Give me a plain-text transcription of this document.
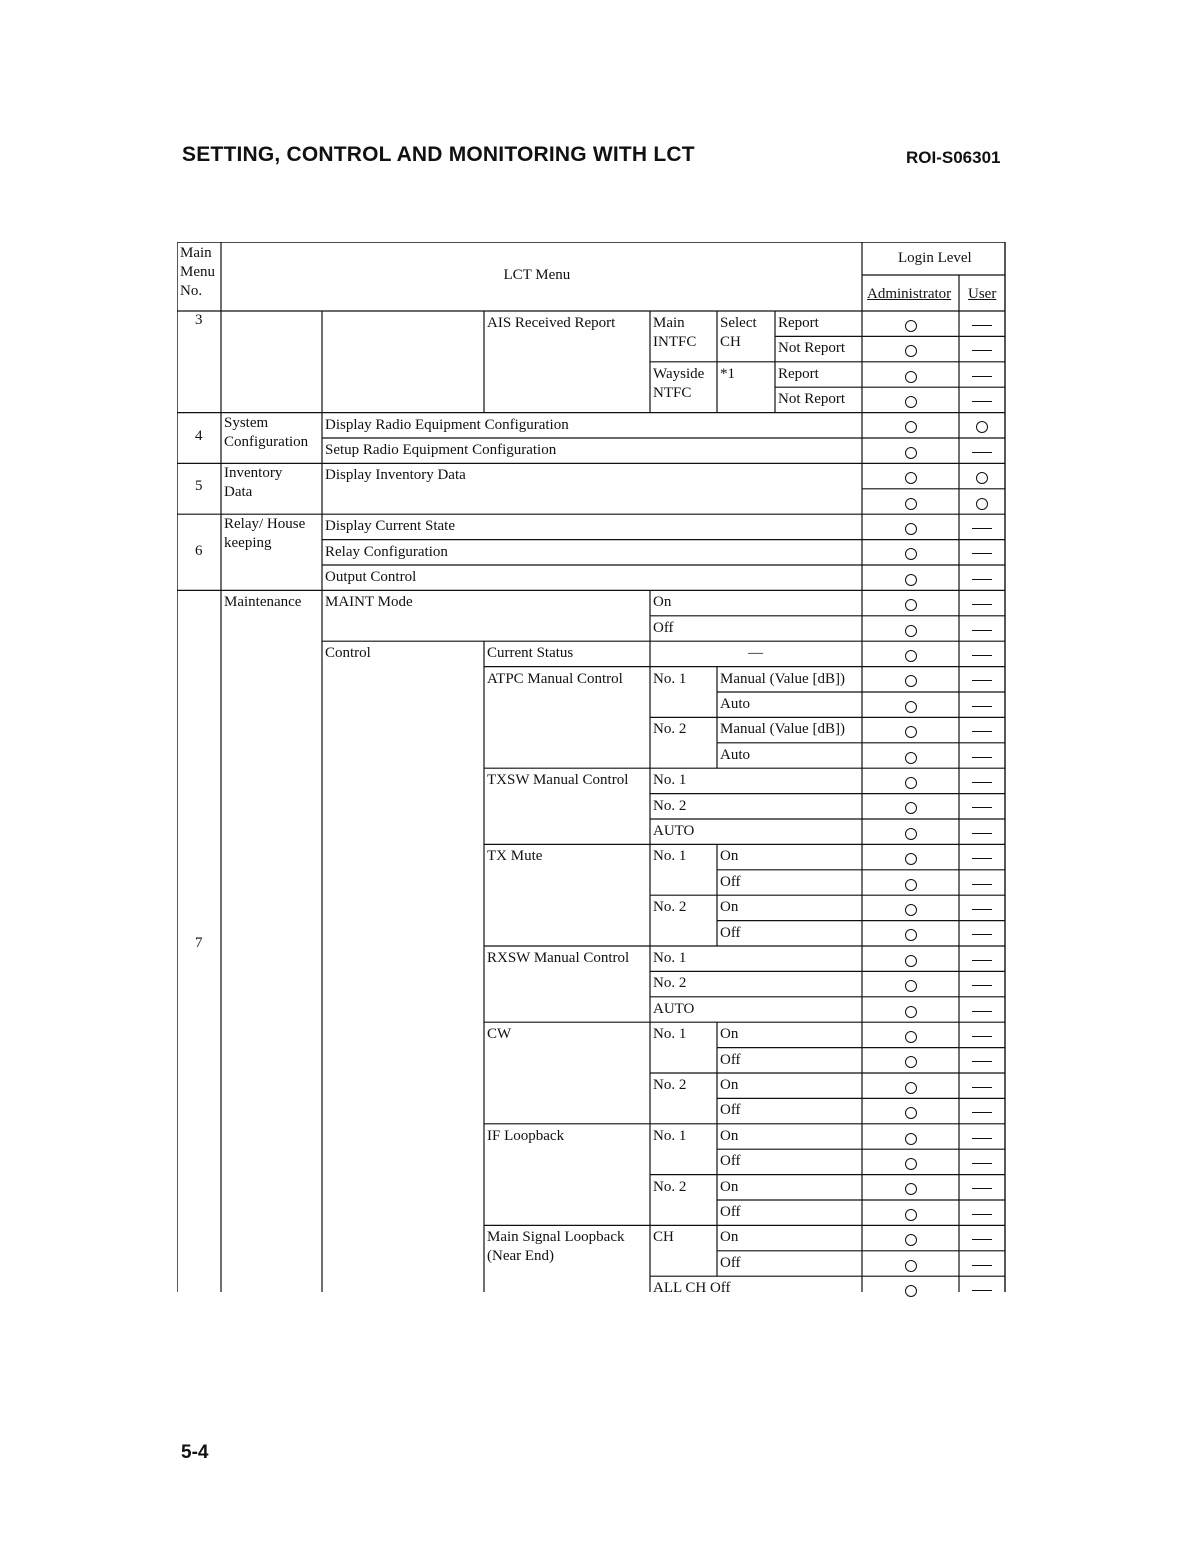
SETTING, CONTROL AND MONITORING WITH LCT	ROI-S06301
Main
Menu
No.
LCT Menu
Login Level
Administrator User
3
4
5
6
7
System
Configuration
Inventory
Data
Relay/ House
keeping
Maintenance
Display Radio Equipment Configuration
Setup Radio Equipment Configuration
Display Inventory Data
Display Current State
Relay Configuration
Output Control
MAINT Mode
Control
AIS Received Report
Current Status
ATPC Manual Control
TXSW Manual Control
TX Mute
RXSW Manual Control
CW
IF Loopback
Main Signal Loopback
(Near End)
Main
INTFC
Wayside
NTFC
On
Off
—
No. 1
No. 2
No. 1
No. 2
AUTO
No. 1
No. 2
No. 1
No. 2
AUTO
No. 1
No. 2
No. 1
No. 2
CH
ALL CH Off
Select
CH
*1
Manual (Value [dB])
Auto
Manual (Value [dB])
Auto
On
Off
On
Off
On
Off
On
Off
On
Off
On
Off
On
Off
Report
Not Report
Report
Not Report
5-4
